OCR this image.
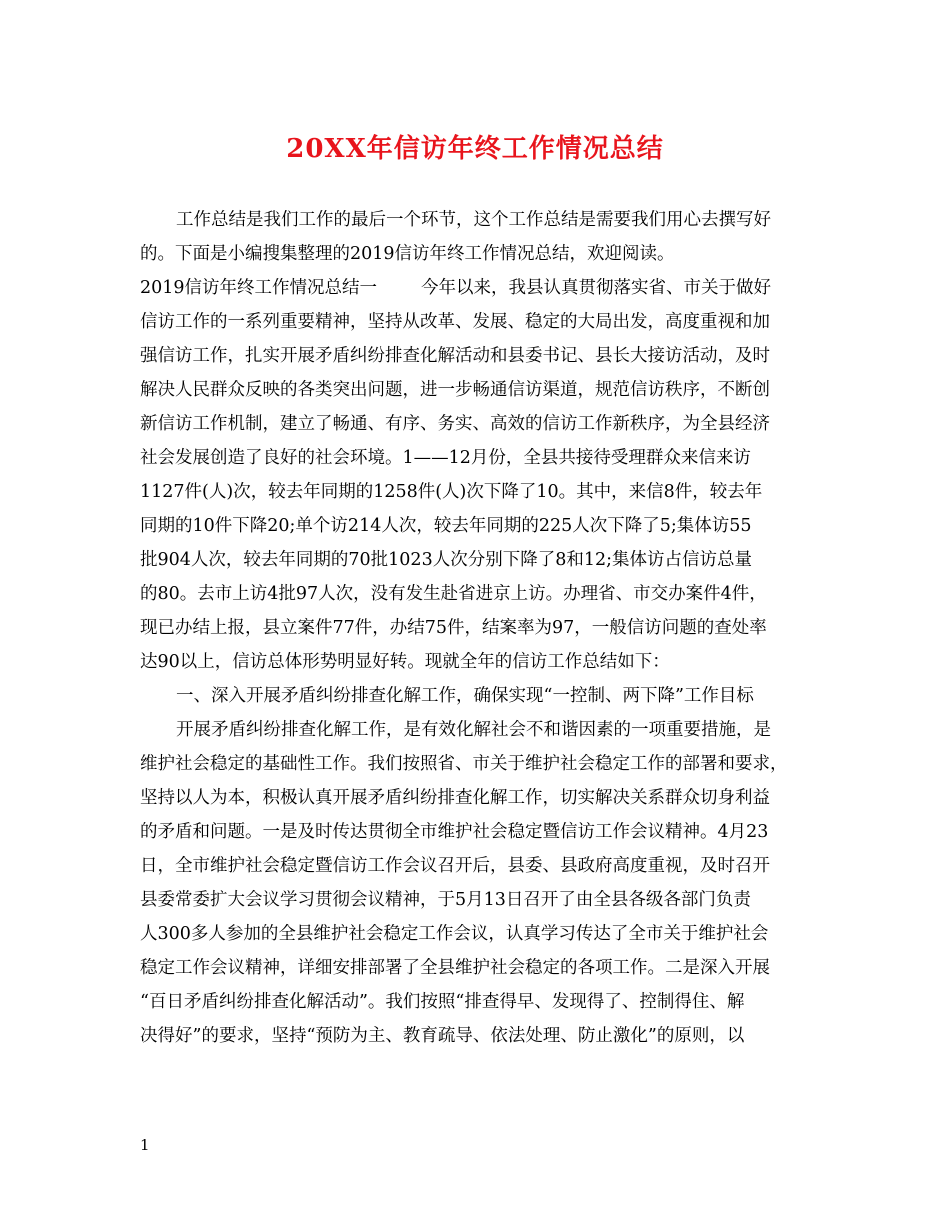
20XX年信访年终工作情况总结
工作总结是我们工作的最后一个环节，这个工作总结是需要我们用心去撰写好
的。下面是小编搜集整理的2019信访年终工作情况总结，欢迎阅读。
2019信访年终工作情况总结一	今年以来，我县认真贯彻落实省、市关于做好
信访工作的一系列重要精神，坚持从改革、发展、稳定的大局出发，高度重视和加
强信访工作，扎实开展矛盾纠纷排查化解活动和县委书记、县长大接访活动，及时
解决人民群众反映的各类突出问题，进一步畅通信访渠道，规范信访秩序，不断创
新信访工作机制，建立了畅通、有序、务实、高效的信访工作新秩序，为全县经济
社会发展创造了良好的社会环境。1——12月份，全县共接待受理群众来信来访
1127件(人)次，较去年同期的1258件(人)次下降了10。其中，来信8件，较去年
同期的10件下降20;单个访214人次，较去年同期的225人次下降了5;集体访55
批904人次，较去年同期的70批1023人次分别下降了8和12;集体访占信访总量
的80。去市上访4批97人次，没有发生赴省进京上访。办理省、市交办案件4件，
现已办结上报，县立案件77件，办结75件，结案率为97，一般信访问题的查处率
达90以上，信访总体形势明显好转。现就全年的信访工作总结如下：
一、深入开展矛盾纠纷排查化解工作，确保实现“一控制、两下降”工作目标
开展矛盾纠纷排查化解工作，是有效化解社会不和谐因素的一项重要措施，是
维护社会稳定的基础性工作。我们按照省、市关于维护社会稳定工作的部署和要求，
坚持以人为本，积极认真开展矛盾纠纷排查化解工作，切实解决关系群众切身利益
的矛盾和问题。一是及时传达贯彻全市维护社会稳定暨信访工作会议精神。4月23
日，全市维护社会稳定暨信访工作会议召开后，县委、县政府高度重视，及时召开
县委常委扩大会议学习贯彻会议精神，于5月13日召开了由全县各级各部门负责
人300多人参加的全县维护社会稳定工作会议，认真学习传达了全市关于维护社会
稳定工作会议精神，详细安排部署了全县维护社会稳定的各项工作。二是深入开展
“百日矛盾纠纷排查化解活动”。我们按照“排查得早、发现得了、控制得住、解
决得好”的要求，坚持“预防为主、教育疏导、依法处理、防止激化”的原则，以
1
